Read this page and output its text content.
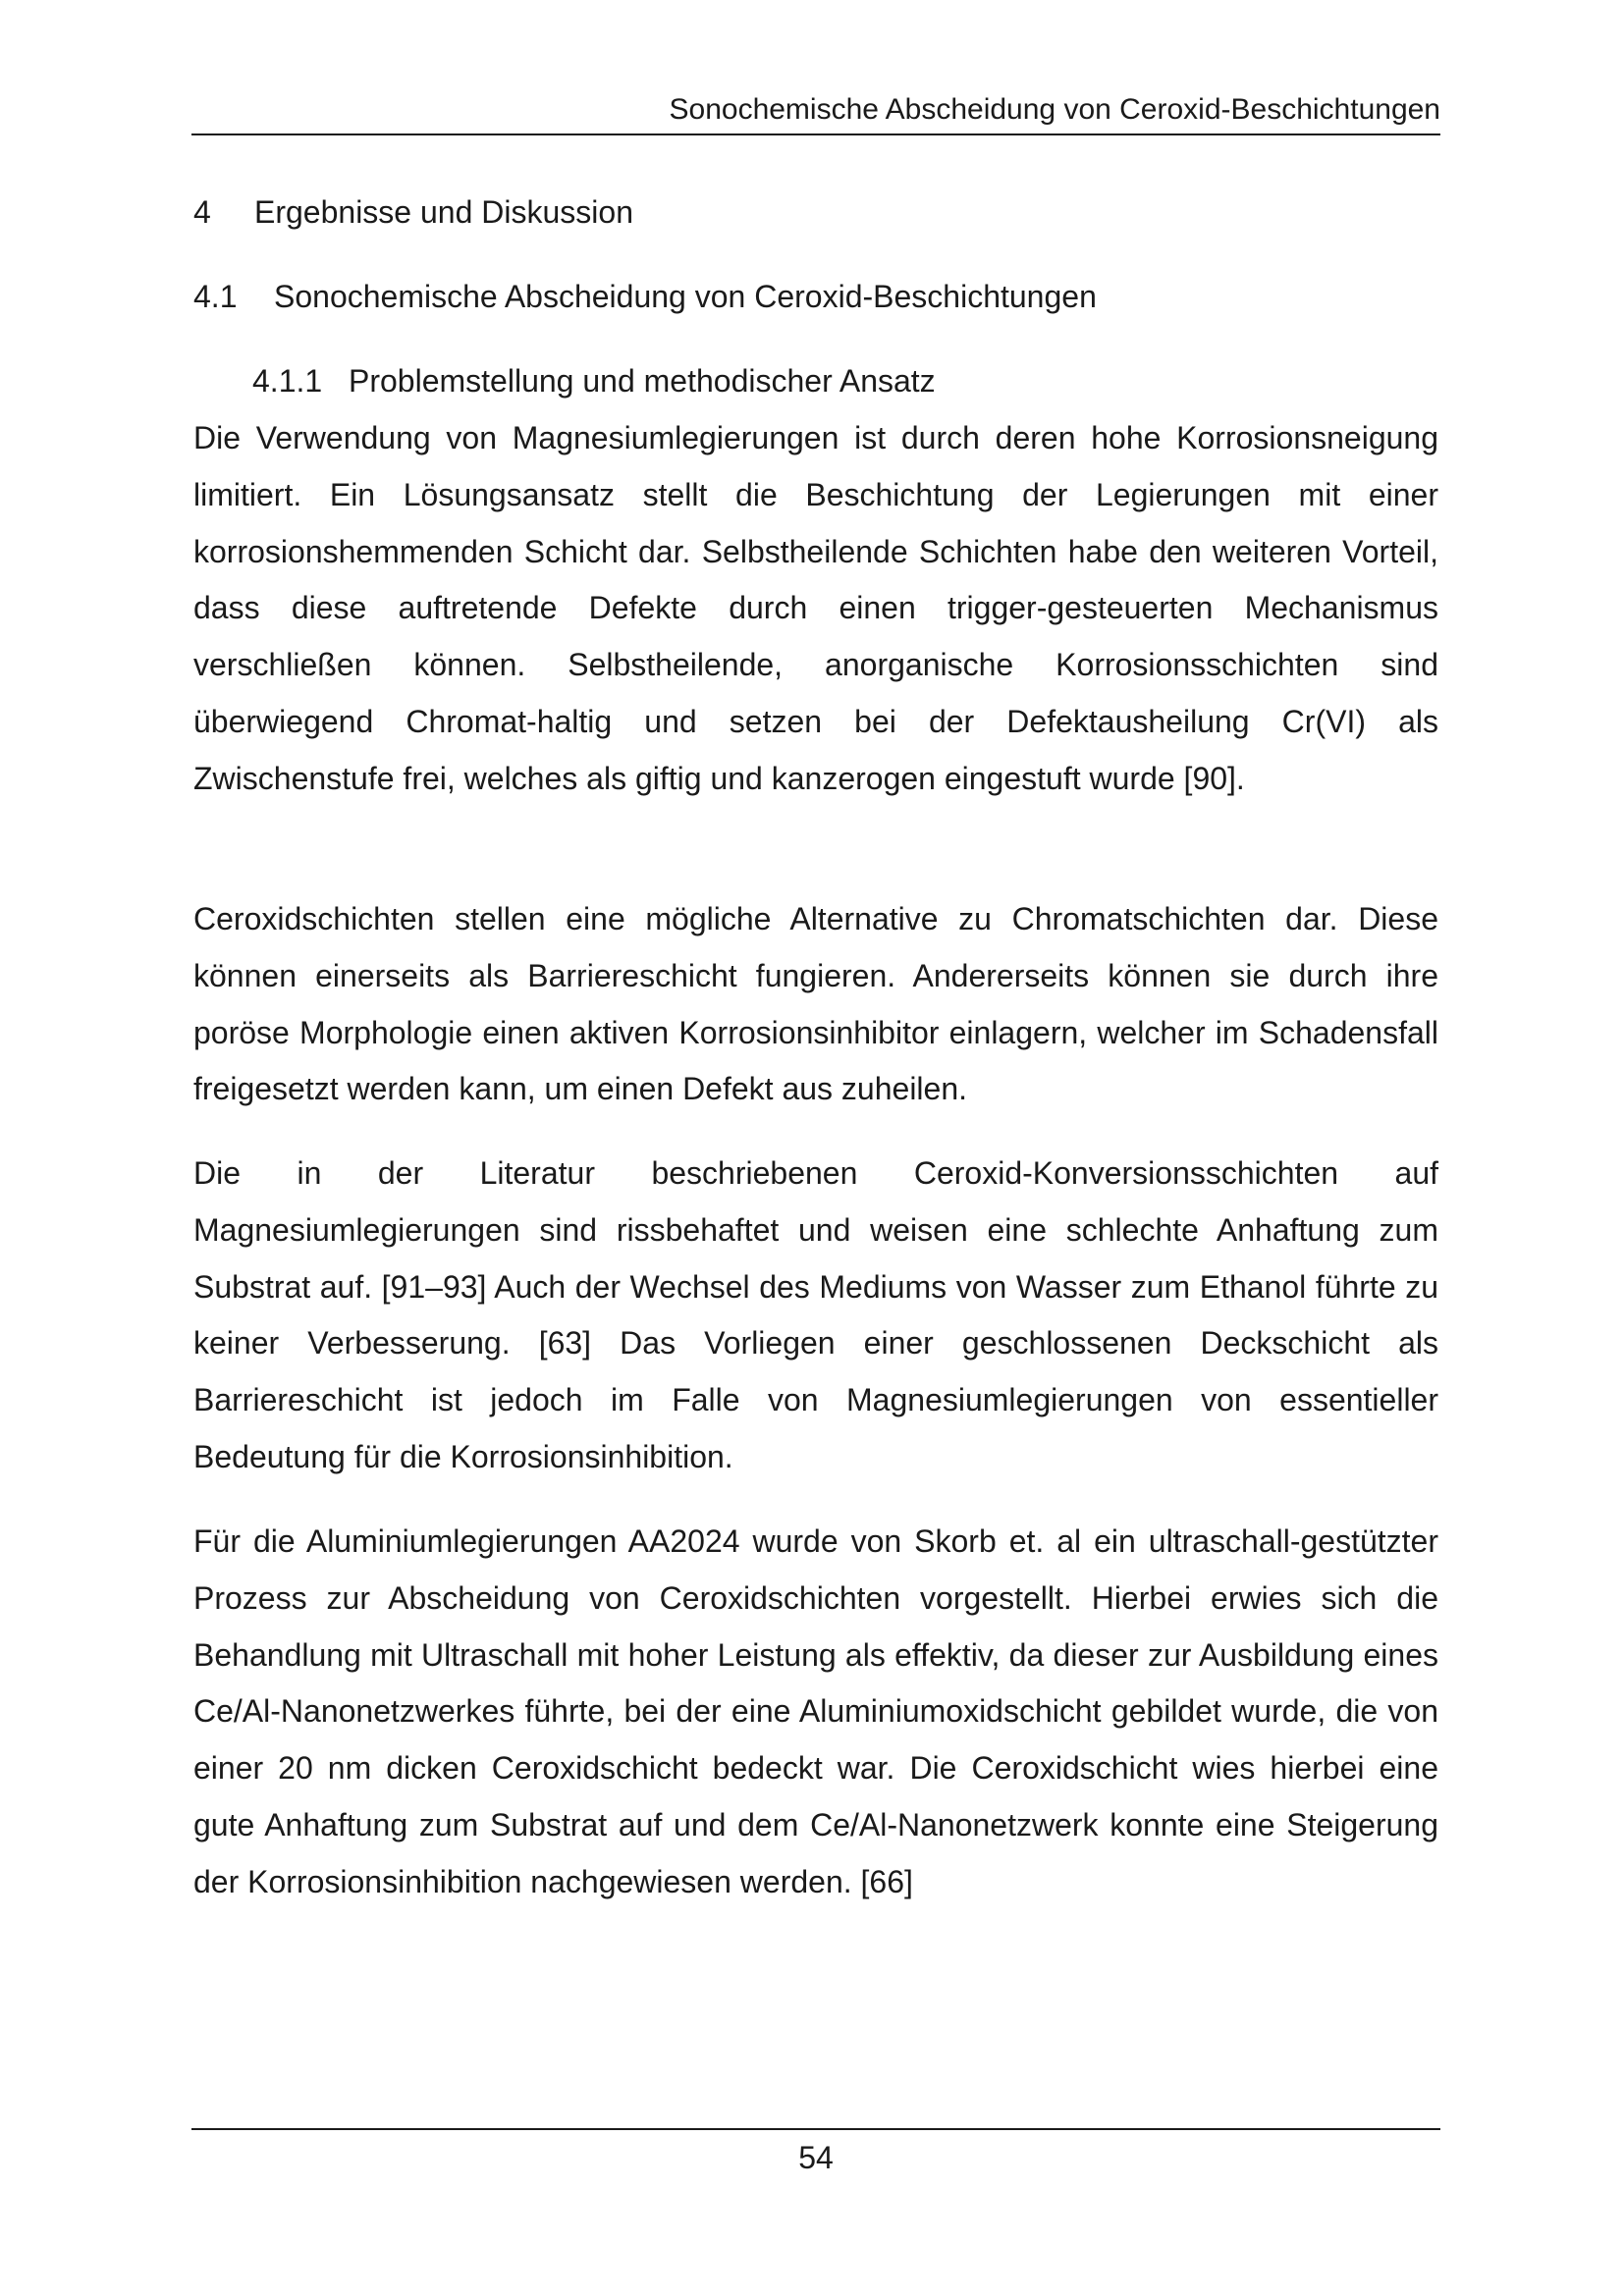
Sonochemische Abscheidung von Ceroxid-Beschichtungen
4 Ergebnisse und Diskussion
4.1 Sonochemische Abscheidung von Ceroxid-Beschichtungen
4.1.1 Problemstellung und methodischer Ansatz

Die Verwendung von Magnesiumlegierungen ist durch deren hohe Korrosionsneigung limitiert. Ein Lösungsansatz stellt die Beschichtung der Legierungen mit einer korrosionshemmenden Schicht dar. Selbstheilende Schichten habe den weiteren Vorteil, dass diese auftretende Defekte durch einen trigger-gesteuerten Mechanismus verschließen können. Selbstheilende, anorganische Korrosionsschichten sind überwiegend Chromat-haltig und setzen bei der Defektausheilung Cr(VI) als Zwischenstufe frei, welches als giftig und kanzerogen eingestuft wurde [90].

Ceroxidschichten stellen eine mögliche Alternative zu Chromatschichten dar. Diese können einerseits als Barriereschicht fungieren. Andererseits können sie durch ihre poröse Morphologie einen aktiven Korrosionsinhibitor einlagern, welcher im Schadensfall freigesetzt werden kann, um einen Defekt aus zuheilen.

Die in der Literatur beschriebenen Ceroxid-Konversionsschichten auf Magnesiumlegierungen sind rissbehaftet und weisen eine schlechte Anhaftung zum Substrat auf. [91–93] Auch der Wechsel des Mediums von Wasser zum Ethanol führte zu keiner Verbesserung. [63] Das Vorliegen einer geschlossenen Deckschicht als Barriereschicht ist jedoch im Falle von Magnesiumlegierungen von essentieller Bedeutung für die Korrosionsinhibition.

Für die Aluminiumlegierungen AA2024 wurde von Skorb et. al ein ultraschall-gestützter Prozess zur Abscheidung von Ceroxidschichten vorgestellt. Hierbei erwies sich die Behandlung mit Ultraschall mit hoher Leistung als effektiv, da dieser zur Ausbildung eines Ce/Al-Nanonetzwerkes führte, bei der eine Aluminiumoxidschicht gebildet wurde, die von einer 20 nm dicken Ceroxidschicht bedeckt war. Die Ceroxidschicht wies hierbei eine gute Anhaftung zum Substrat auf und dem Ce/Al-Nanonetzwerk konnte eine Steigerung der Korrosionsinhibition nachgewiesen werden. [66]

54
